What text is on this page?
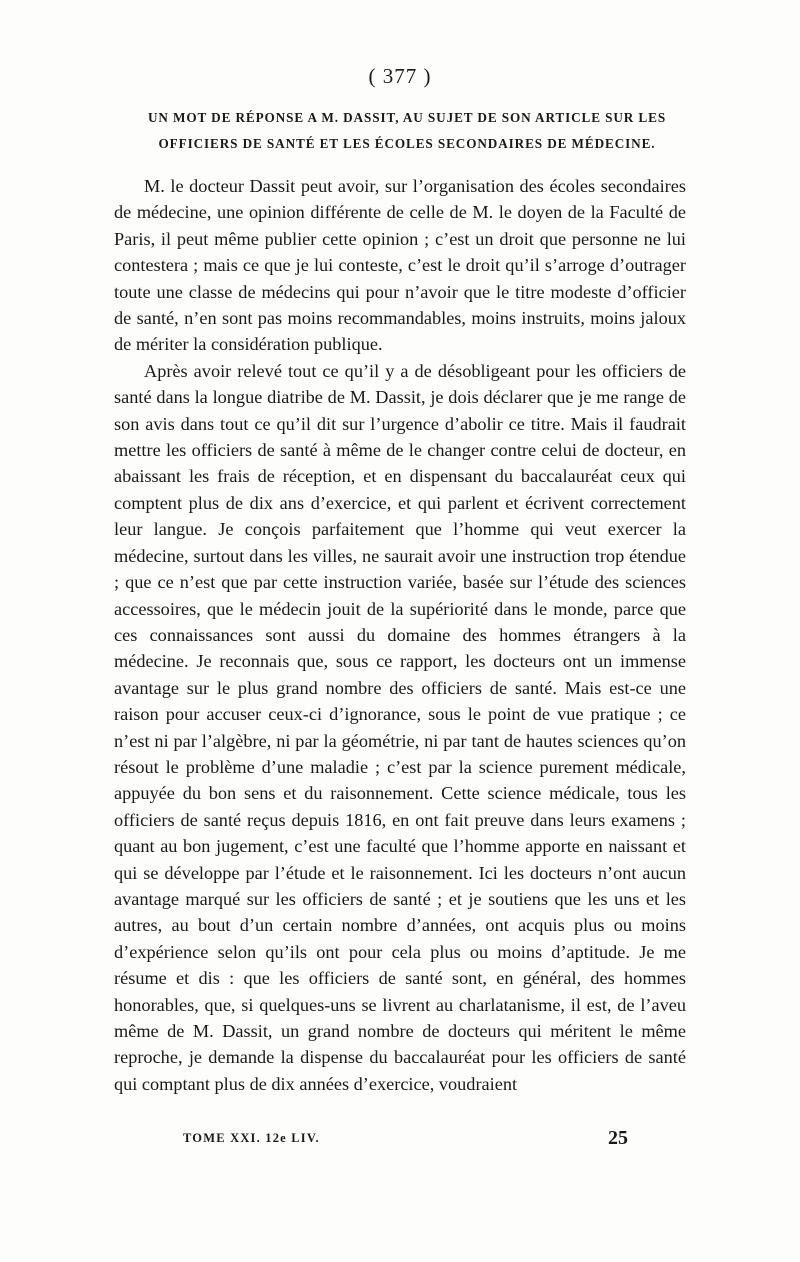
( 377 )
UN MOT DE RÉPONSE A M. DASSIT, AU SUJET DE SON ARTICLE SUR LES
OFFICIERS DE SANTÉ ET LES ÉCOLES SECONDAIRES DE MÉDECINE.

M. le docteur Dassit peut avoir, sur l’organisation des écoles secondaires de médecine, une opinion différente de celle de M. le doyen de la Faculté de Paris, il peut même publier cette opinion ; c’est un droit que personne ne lui contestera ; mais ce que je lui conteste, c’est le droit qu’il s’arroge d’outrager toute une classe de médecins qui pour n’avoir que le titre modeste d’officier de santé, n’en sont pas moins recommandables, moins instruits, moins jaloux de mériter la considération publique.

Après avoir relevé tout ce qu’il y a de désobligeant pour les officiers de santé dans la longue diatribe de M. Dassit, je dois déclarer que je me range de son avis dans tout ce qu’il dit sur l’urgence d’abolir ce titre. Mais il faudrait mettre les officiers de santé à même de le changer contre celui de docteur, en abaissant les frais de réception, et en dispensant du baccalauréat ceux qui comptent plus de dix ans d’exercice, et qui parlent et écrivent correctement leur langue. Je conçois parfaitement que l’homme qui veut exercer la médecine, surtout dans les villes, ne saurait avoir une instruction trop étendue ; que ce n’est que par cette instruction variée, basée sur l’étude des sciences accessoires, que le médecin jouit de la supériorité dans le monde, parce que ces connaissances sont aussi du domaine des hommes étrangers à la médecine. Je reconnais que, sous ce rapport, les docteurs ont un immense avantage sur le plus grand nombre des officiers de santé. Mais est-ce une raison pour accuser ceux-ci d’ignorance, sous le point de vue pratique ; ce n’est ni par l’algèbre, ni par la géométrie, ni par tant de hautes sciences qu’on résout le problème d’une maladie ; c’est par la science purement médicale, appuyée du bon sens et du raisonnement. Cette science médicale, tous les officiers de santé reçus depuis 1816, en ont fait preuve dans leurs examens ; quant au bon jugement, c’est une faculté que l’homme apporte en naissant et qui se développe par l’étude et le raisonnement. Ici les docteurs n’ont aucun avantage marqué sur les officiers de santé ; et je soutiens que les uns et les autres, au bout d’un certain nombre d’années, ont acquis plus ou moins d’expérience selon qu’ils ont pour cela plus ou moins d’aptitude. Je me résume et dis : que les officiers de santé sont, en général, des hommes honorables, que, si quelques-uns se livrent au charlatanisme, il est, de l’aveu même de M. Dassit, un grand nombre de docteurs qui méritent le même reproche, je demande la dispense du baccalauréat pour les officiers de santé qui comptant plus de dix années d’exercice, voudraient

TOME XXI. 12e LIV.	25
